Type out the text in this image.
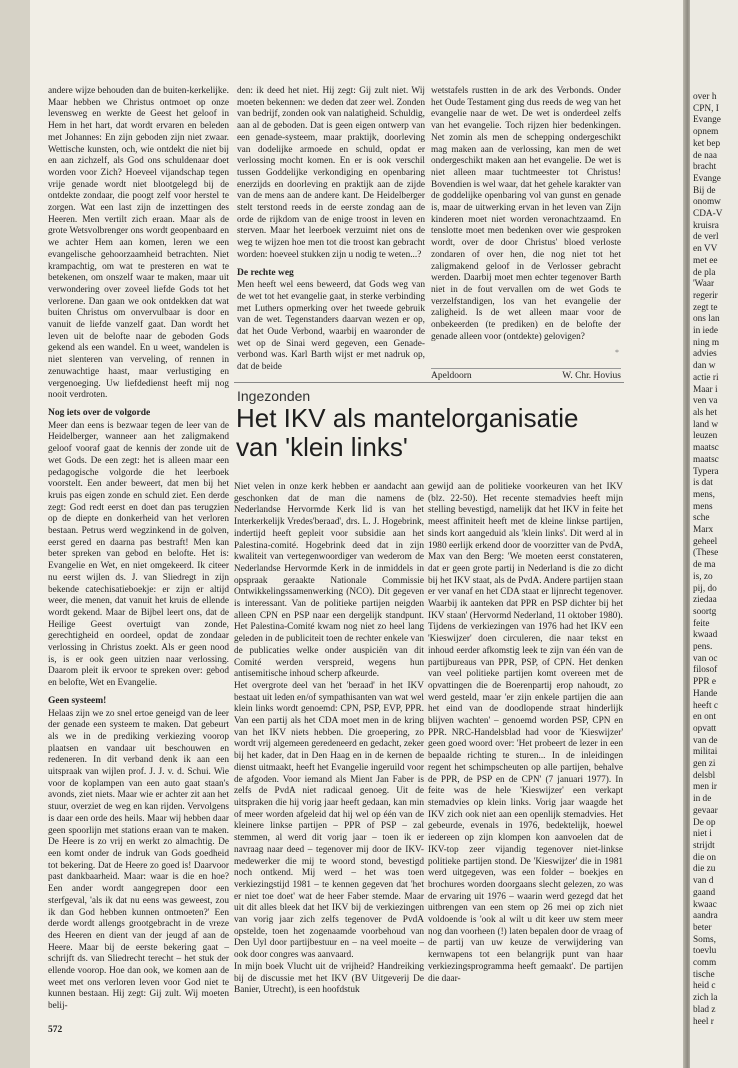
andere wijze behouden dan de buiten-kerkelijke. Maar hebben we Christus ontmoet op onze levensweg en werkte de Geest het geloof in Hem in het hart, dat wordt ervaren en beleden met Johannes: En zijn geboden zijn niet zwaar. Wettische kunsten, och, wie ontdekt die niet bij en aan zichzelf, als God ons schuldenaar doet worden voor Zich? Hoeveel vijandschap tegen vrije genade wordt niet blootgelegd bij de ontdekte zondaar, die poogt zelf voor herstel te zorgen. Wat een last zijn de inzettingen des Heeren. Men vertilt zich eraan. Maar als de grote Wetsvolbrenger ons wordt geopenbaard en we achter Hem aan komen, leren we een evangelische gehoorzaamheid betrachten. Niet krampachtig, om wat te presteren en wat te betekenen, om onszelf waar te maken, maar uit verwondering over zoveel liefde Gods tot het verlorene. Dan gaan we ook ontdekken dat wat buiten Christus om onvervulbaar is door en vanuit de liefde vanzelf gaat. Dan wordt het leven uit de belofte naar de geboden Gods gekend als een wandel. En u weet, wandelen is niet slenteren van verveling, of rennen in zenuwachtige haast, maar verlustiging en vergenoeging. Uw liefdedienst heeft mij nog nooit verdroten.

Nog iets over de volgorde

Meer dan eens is bezwaar tegen de leer van de Heidelberger, wanneer aan het zaligmakend geloof vooraf gaat de kennis der zonde uit de wet Gods. De een zegt: het is alleen maar een pedagogische volgorde die het leerboek voorstelt. Een ander beweert, dat men bij het kruis pas eigen zonde en schuld ziet. Een derde zegt: God redt eerst en doet dan pas terugzien op de diepte en donkerheid van het verloren bestaan. Petrus werd wegzinkend in de golven, eerst gered en daarna pas bestraft! Men kan beter spreken van gebod en belofte. Het is: Evangelie en Wet, en niet omgekeerd. Ik citeer nu eerst wijlen ds. J. van Sliedregt in zijn bekende catechisatieboekje: er zijn er altijd weer, die menen, dat vanuit het kruis de ellende wordt gekend. Maar de Bijbel leert ons, dat de Heilige Geest overtuigt van zonde, gerechtigheid en oordeel, opdat de zondaar verlossing in Christus zoekt. Als er geen nood is, is er ook geen uitzien naar verlossing. Daarom pleit ik ervoor te spreken over: gebod en belofte, Wet en Evangelie.

Geen systeem!

Helaas zijn we zo snel ertoe geneigd van de leer der genade een systeem te maken. Dat gebeurt als we in de prediking verkiezing voorop plaatsen en vandaar uit beschouwen en redeneren. In dit verband denk ik aan een uitspraak van wijlen prof. J. J. v. d. Schui. Wie voor de koplampen van een auto gaat staan's avonds, ziet niets. Maar wie er achter zit aan het stuur, overziet de weg en kan rijden. Vervolgens is daar een orde des heils. Maar wij hebben daar geen spoorlijn met stations eraan van te maken. De Heere is zo vrij en werkt zo almachtig. De een komt onder de indruk van Gods goedheid tot bekering. Dat de Heere zo goed is! Daarvoor past dankbaarheid. Maar: waar is die en hoe? Een ander wordt aangegrepen door een sterfgeval, 'als ik dat nu eens was geweest, zou ik dan God hebben kunnen ontmoeten?' Een derde wordt allengs grootgebracht in de vreze des Heeren en dient van der jeugd af aan de Heere. Maar bij de eerste bekering gaat – schrijft ds. van Sliedrecht terecht – het stuk der ellende voorop. Hoe dan ook, we komen aan de weet met ons verloren leven voor God niet te kunnen bestaan. Hij zegt: Gij zult. Wij moeten belij-

den: ik deed het niet. Hij zegt: Gij zult niet. Wij moeten bekennen: we deden dat zeer wel. Zonden van bedrijf, zonden ook van nalatigheid. Schuldig, aan al de geboden. Dat is geen eigen ontwerp van een genade-systeem, maar praktijk, doorleving van dodelijke armoede en schuld, opdat er verlossing mocht komen. En er is ook verschil tussen Goddelijke verkondiging en openbaring enerzijds en doorleving en praktijk aan de zijde van de mens aan de andere kant. De Heidelberger stelt terstond reeds in de eerste zondag aan de orde de rijkdom van de enige troost in leven en sterven. Maar het leerboek verzuimt niet ons de weg te wijzen hoe men tot die troost kan gebracht worden: hoeveel stukken zijn u nodig te weten...?

De rechte weg

Men heeft wel eens beweerd, dat Gods weg van de wet tot het evangelie gaat, in sterke verbinding met Luthers opmerking over het tweede gebruik van de wet. Tegenstanders daarvan wezen er op, dat het Oude Verbond, waarbij en waaronder de wet op de Sinai werd gegeven, een Genade-verbond was. Karl Barth wijst er met nadruk op, dat de beide

wetstafels rustten in de ark des Verbonds. Onder het Oude Testament ging dus reeds de weg van het evangelie naar de wet. De wet is onderdeel zelfs van het evangelie. Toch rijzen hier bedenkingen. Net zomin als men de schepping ondergeschikt mag maken aan de verlossing, kan men de wet ondergeschikt maken aan het evangelie. De wet is niet alleen maar tuchtmeester tot Christus! Bovendien is wel waar, dat het gehele karakter van de goddelijke openbaring vol van gunst en genade is, maar de uitwerking ervan in het leven van Zijn kinderen moet niet worden veronachtzaamd. En tenslotte moet men bedenken over wie gesproken wordt, over de door Christus' bloed verloste zondaren of over hen, die nog niet tot het zaligmakend geloof in de Verlosser gebracht werden. Daarbij moet men echter tegenover Barth niet in de fout vervallen om de wet Gods te verzelfstandigen, los van het evangelie der zaligheid. Is de wet alleen maar voor de onbekeerden (te prediken) en de belofte der genade alleen voor (ontdekte) gelovigen?

*
Apeldoorn	W. Chr. Hovius
Ingezonden
Het IKV als mantelorganisatie van 'klein links'

Niet velen in onze kerk hebben er aandacht aan geschonken dat de man die namens de Nederlandse Hervormde Kerk lid is van het Interkerkelijk Vredes'beraad', drs. L. J. Hogebrink, indertijd heeft gepleit voor subsidie aan het Palestina-comité. Hogebrink deed dat in zijn kwaliteit van vertegenwoordiger van wederom de Nederlandse Hervormde Kerk in de inmiddels in opspraak geraakte Nationale Commissie Ontwikkelingssamenwerking (NCO). Dit gegeven is interessant. Van de politieke partijen neigden alleen CPN en PSP naar een dergelijk standpunt. Het Palestina-Comité kwam nog niet zo heel lang geleden in de publiciteit toen de rechter enkele van de publicaties welke onder auspiciën van dit Comité werden verspreid, wegens hun antisemitische inhoud scherp afkeurde.

Het overgrote deel van het 'beraad' in het IKV bestaat uit leden en/of sympathisanten van wat wel klein links wordt genoemd: CPN, PSP, EVP, PPR. Van een partij als het CDA moet men in de kring van het IKV niets hebben. Die groepering, zo wordt vrij algemeen geredeneerd en gedacht, zeker bij het kader, dat in Den Haag en in de kernen de dienst uitmaakt, heeft het Evangelie ingeruild voor de afgoden. Voor iemand als Mient Jan Faber is zelfs de PvdA niet radicaal genoeg. Uit de uitspraken die hij vorig jaar heeft gedaan, kan min of meer worden afgeleid dat hij wel op één van de kleinere linkse partijen – PPR of PSP – zal stemmen, al werd dit vorig jaar – toen ik er navraag naar deed – tegenover mij door de IKV-medewerker die mij te woord stond, bevestigd noch ontkend. Mij werd – het was toen verkiezingstijd 1981 – te kennen gegeven dat 'het er niet toe doet' wat de heer Faber stemde. Maar uit dit alles bleek dat het IKV bij de verkiezingen van vorig jaar zich zelfs tegenover de PvdA opstelde, toen het zogenaamde voorbehoud van Den Uyl door partijbestuur en – na veel moeite – ook door congres was aanvaard.

In mijn boek Vlucht uit de vrijheid? Handreiking bij de discussie met het IKV (BV Uitgeverij De Banier, Utrecht), is een hoofdstuk

gewijd aan de politieke voorkeuren van het IKV (blz. 22-50). Het recente stemadvies heeft mijn stelling bevestigd, namelijk dat het IKV in feite het meest affiniteit heeft met de kleine linkse partijen, sinds kort aangeduid als 'klein links'. Dit werd al in 1980 eerlijk erkend door de voorzitter van de PvdA, Max van den Berg: 'We moeten eerst constateren, dat er geen grote partij in Nederland is die zo dicht bij het IKV staat, als de PvdA. Andere partijen staan er ver vanaf en het CDA staat er lijnrecht tegenover. Waarbij ik aanteken dat PPR en PSP dichter bij het IKV staan' (Hervormd Nederland, 11 oktober 1980).

Tijdens de verkiezingen van 1976 had het IKV een 'Kieswijzer' doen circuleren, die naar tekst en inhoud eerder afkomstig leek te zijn van één van de partijbureaus van PPR, PSP, of CPN. Het denken van veel politieke partijen komt overeen met de opvattingen die de Boerenpartij erop nahoudt, zo werd gesteld, maar 'er zijn enkele partijen die aan het eind van de doodlopende straat hinderlijk blijven wachten' – genoemd worden PSP, CPN en PPR. NRC-Handelsblad had voor de 'Kieswijzer' geen goed woord over: 'Het probeert de lezer in een bepaalde richting te sturen... In de inleidingen regent het schimpscheuten op alle partijen, behalve de PPR, de PSP en de CPN' (7 januari 1977). In feite was de hele 'Kieswijzer' een verkapt stemadvies op klein links. Vorig jaar waagde het IKV zich ook niet aan een openlijk stemadvies. Het gebeurde, evenals in 1976, bedektelijk, hoewel iedereen op zijn klompen kon aanvoelen dat de IKV-top zeer vijandig tegenover niet-linkse politieke partijen stond. De 'Kieswijzer' die in 1981 werd uitgegeven, was een folder – boekjes en brochures worden doorgaans slecht gelezen, zo was de ervaring uit 1976 – waarin werd gezegd dat het uitbrengen van een stem op 26 mei op zich niet voldoende is 'ook al wilt u dit keer uw stem meer nog dan voorheen (!) laten bepalen door de vraag of de partij van uw keuze de verwijdering van kernwapens tot een belangrijk punt van haar verkiezingsprogramma heeft gemaakt'. De partijen die daar-

572
over h
CPN, I
Evange
opnem
ket bep
de naa
bracht
Evange
Bij de
onomw
CDA-V
kruisra
de verl
en VV
met ee
de pla
'Waar
regerir
zegt te
ons lan
in iede
ning m
advies
dan w
actie ri
Maar i
ven va
als het
land w
leuzen
maatsc
maatsc
Typera
is dat
mens,
mens
sche
Marx
geheel
(These
de ma
is, zo
pij, do
ziedaa
soortg
feite
kwaad
pens.
van oc
filosof
PPR e
Hande
heeft c
en ont
opvatt
van de
militai
gen zi
delsbl
men ir
in de
gevaar
De op
niet i
strijdt
die on
die zu
van d
gaand
kwaac
aandra
beter
Soms,
toevlu
comm
tische
heid c
zich la
blad z
heel r
